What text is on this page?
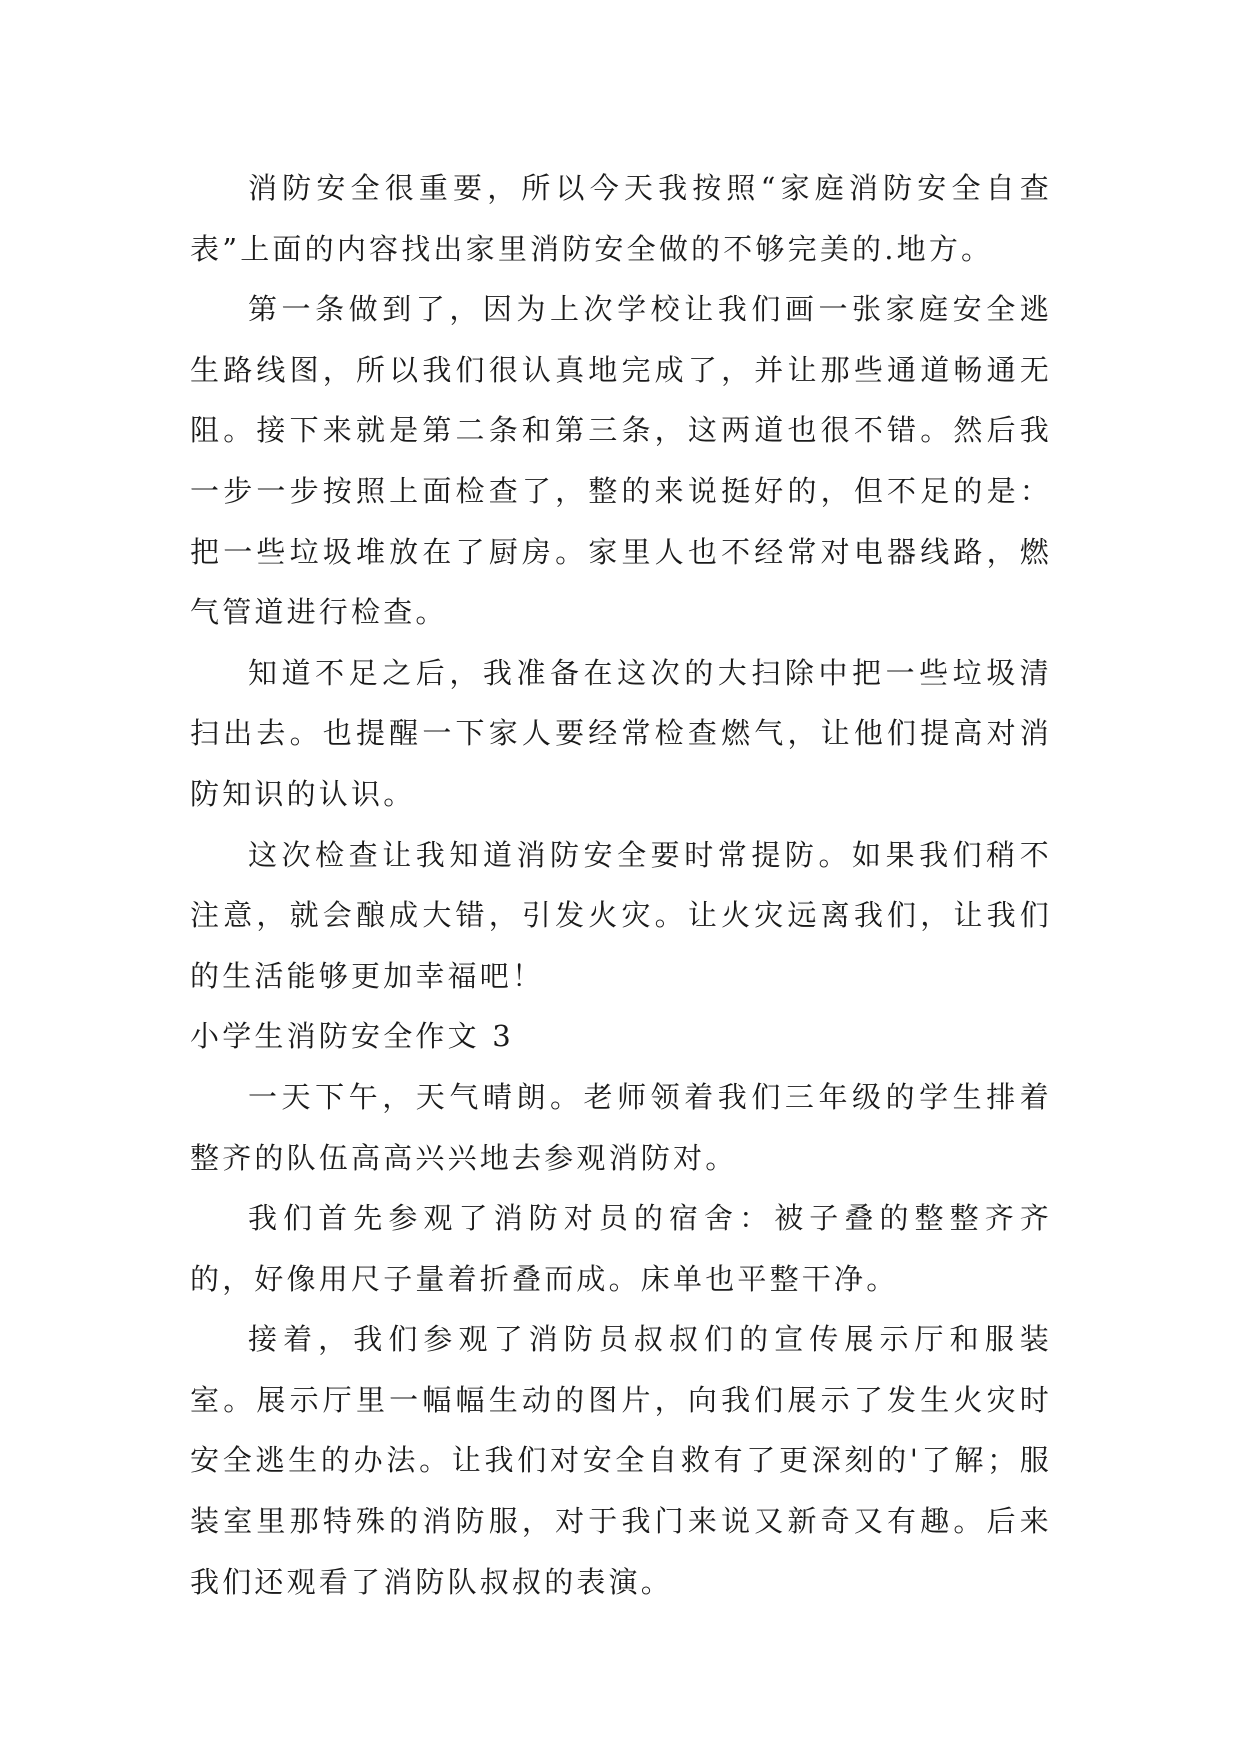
消防安全很重要，所以今天我按照“家庭消防安全自查表”上面的内容找出家里消防安全做的不够完美的.地方。

第一条做到了，因为上次学校让我们画一张家庭安全逃生路线图，所以我们很认真地完成了，并让那些通道畅通无阻。接下来就是第二条和第三条，这两道也很不错。然后我一步一步按照上面检查了，整的来说挺好的，但不足的是：把一些垃圾堆放在了厨房。家里人也不经常对电器线路，燃气管道进行检查。

知道不足之后，我准备在这次的大扫除中把一些垃圾清扫出去。也提醒一下家人要经常检查燃气，让他们提高对消防知识的认识。

这次检查让我知道消防安全要时常提防。如果我们稍不注意，就会酿成大错，引发火灾。让火灾远离我们，让我们的生活能够更加幸福吧！

小学生消防安全作文 3

一天下午，天气晴朗。老师领着我们三年级的学生排着整齐的队伍高高兴兴地去参观消防对。

我们首先参观了消防对员的宿舍：被子叠的整整齐齐的，好像用尺子量着折叠而成。床单也平整干净。

接着，我们参观了消防员叔叔们的宣传展示厅和服装室。展示厅里一幅幅生动的图片，向我们展示了发生火灾时安全逃生的办法。让我们对安全自救有了更深刻的'了解；服装室里那特殊的消防服，对于我门来说又新奇又有趣。后来我们还观看了消防队叔叔的表演。
